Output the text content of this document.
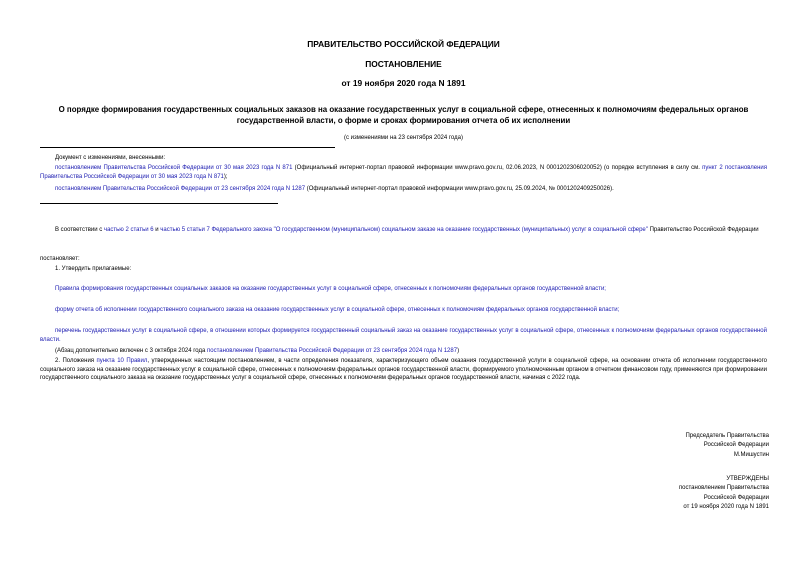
ПРАВИТЕЛЬСТВО РОССИЙСКОЙ ФЕДЕРАЦИИ
ПОСТАНОВЛЕНИЕ
от 19 ноября 2020 года N 1891
О порядке формирования государственных социальных заказов на оказание государственных услуг в социальной сфере, отнесенных к полномочиям федеральных органов государственной власти, о форме и сроках формирования отчета об их исполнении
(с изменениями на 23 сентября 2024 года)
Документ с изменениями, внесенными:
постановлением Правительства Российской Федерации от 30 мая 2023 года N 871 (Официальный интернет-портал правовой информации www.pravo.gov.ru, 02.06.2023, N 0001202306020052) (о порядке вступления в силу см. пункт 2 постановления Правительства Российской Федерации от 30 мая 2023 года N 871);
постановлением Правительства Российской Федерации от 23 сентября 2024 года N 1287 (Официальный интернет-портал правовой информации www.pravo.gov.ru, 25.09.2024, № 0001202409250026).
В соответствии с частью 2 статьи 6 и частью 5 статьи 7 Федерального закона "О государственном (муниципальном) социальном заказе на оказание государственных (муниципальных) услуг в социальной сфере" Правительство Российской Федерации
постановляет:
1. Утвердить прилагаемые:
Правила формирования государственных социальных заказов на оказание государственных услуг в социальной сфере, отнесенных к полномочиям федеральных органов государственной власти;
форму отчета об исполнении государственного социального заказа на оказание государственных услуг в социальной сфере, отнесенных к полномочиям федеральных органов государственной власти;
перечень государственных услуг в социальной сфере, в отношении которых формируется государственный социальный заказ на оказание государственных услуг в социальной сфере, отнесенных к полномочиям федеральных органов государственной власти.
(Абзац дополнительно включен с 3 октября 2024 года постановлением Правительства Российской Федерации от 23 сентября 2024 года N 1287)
2. Положения пункта 10 Правил, утвержденных настоящим постановлением, в части определения показателя, характеризующего объем оказания государственной услуги в социальной сфере, на основании отчета об исполнении государственного социального заказа на оказание государственных услуг в социальной сфере, отнесенных к полномочиям федеральных органов государственной власти, формируемого уполномоченным органом в отчетном финансовом году, применяются при формировании государственного социального заказа на оказание государственных услуг в социальной сфере, отнесенных к полномочиям федеральных органов государственной власти, начиная с 2022 года.
Председатель Правительства
Российской Федерации
М.Мишустин
УТВЕРЖДЕНЫ
постановлением Правительства
Российской Федерации
от 19 ноября 2020 года N 1891
